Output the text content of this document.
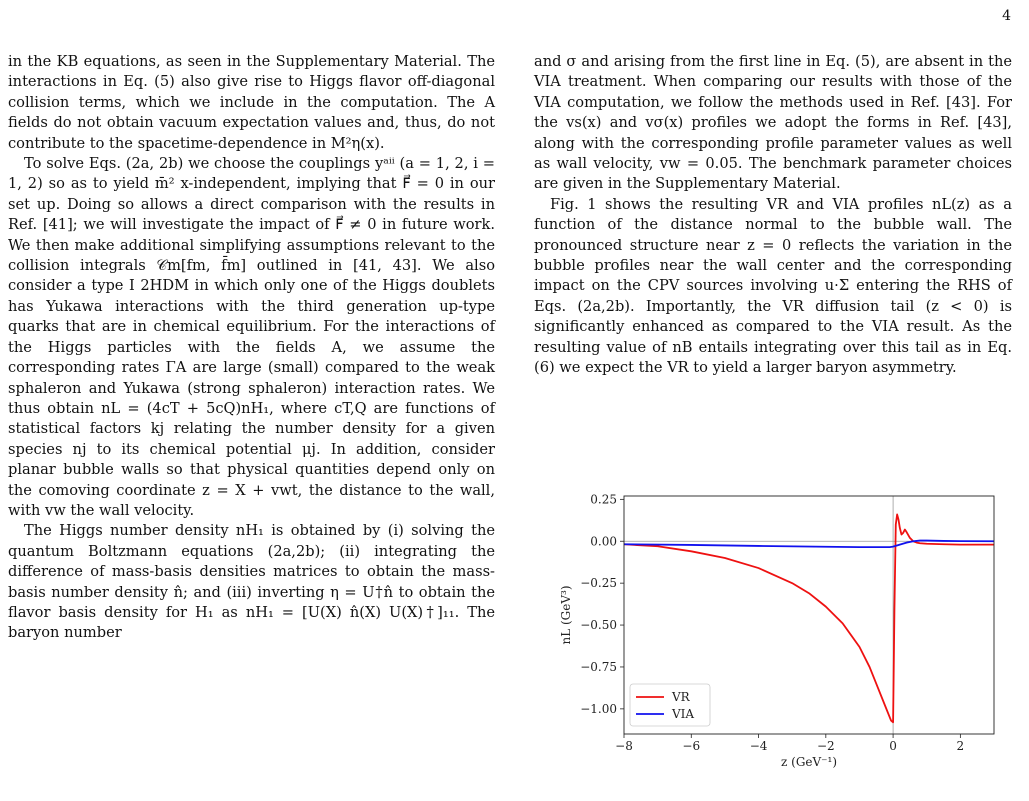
4

in the KB equations, as seen in the Supplementary Material. The interactions in Eq. (5) also give rise to Higgs flavor off-diagonal collision terms, which we include in the computation. The A fields do not obtain vacuum expectation values and, thus, do not contribute to the spacetime-dependence in M²η(x).

To solve Eqs. (2a, 2b) we choose the couplings yᵃⁱⁱ (a = 1, 2, i = 1, 2) so as to yield m̄² x-independent, implying that F⃗ = 0 in our set up. Doing so allows a direct comparison with the results in Ref. [41]; we will investigate the impact of F⃗ ≠ 0 in future work. We then make additional simplifying assumptions relevant to the collision integrals 𝒞m[fm, f̄m] outlined in [41, 43]. We also consider a type I 2HDM in which only one of the Higgs doublets has Yukawa interactions with the third generation up-type quarks that are in chemical equilibrium. For the interactions of the Higgs particles with the fields A, we assume the corresponding rates ΓA are large (small) compared to the weak sphaleron and Yukawa (strong sphaleron) interaction rates. We thus obtain nL = (4cT + 5cQ)nH₁, where cT,Q are functions of statistical factors kj relating the number density for a given species nj to its chemical potential μj. In addition, consider planar bubble walls so that physical quantities depend only on the comoving coordinate z = X + vwt, the distance to the wall, with vw the wall velocity.

The Higgs number density nH₁ is obtained by (i) solving the quantum Boltzmann equations (2a,2b); (ii) integrating the difference of mass-basis densities matrices to obtain the mass-basis number density n̂; and (iii) inverting η = U†n̂ to obtain the flavor basis density for H₁ as nH₁ = [U(X) n̂(X) U(X)†]₁₁. The baryon number

and σ and arising from the first line in Eq. (5), are absent in the VIA treatment. When comparing our results with those of the VIA computation, we follow the methods used in Ref. [43]. For the vs(x) and vσ(x) profiles we adopt the forms in Ref. [43], along with the corresponding profile parameter values as well as wall velocity, vw = 0.05. The benchmark parameter choices are given in the Supplementary Material.

Fig. 1 shows the resulting VR and VIA profiles nL(z) as a function of the distance normal to the bubble wall. The pronounced structure near z = 0 reflects the variation in the bubble profiles near the wall center and the corresponding impact on the CPV sources involving u·Σ entering the RHS of Eqs. (2a,2b). Importantly, the VR diffusion tail (z < 0) is significantly enhanced as compared to the VIA result. As the resulting value of nB entails integrating over this tail as in Eq. (6) we expect the VR to yield a larger baryon asymmetry.

−8	−6	−4	−2	0	2
0.25
0.00
−0.25
−0.50
−0.75
−1.00
z (GeV⁻¹)
nL (GeV³)
VR
VIA
